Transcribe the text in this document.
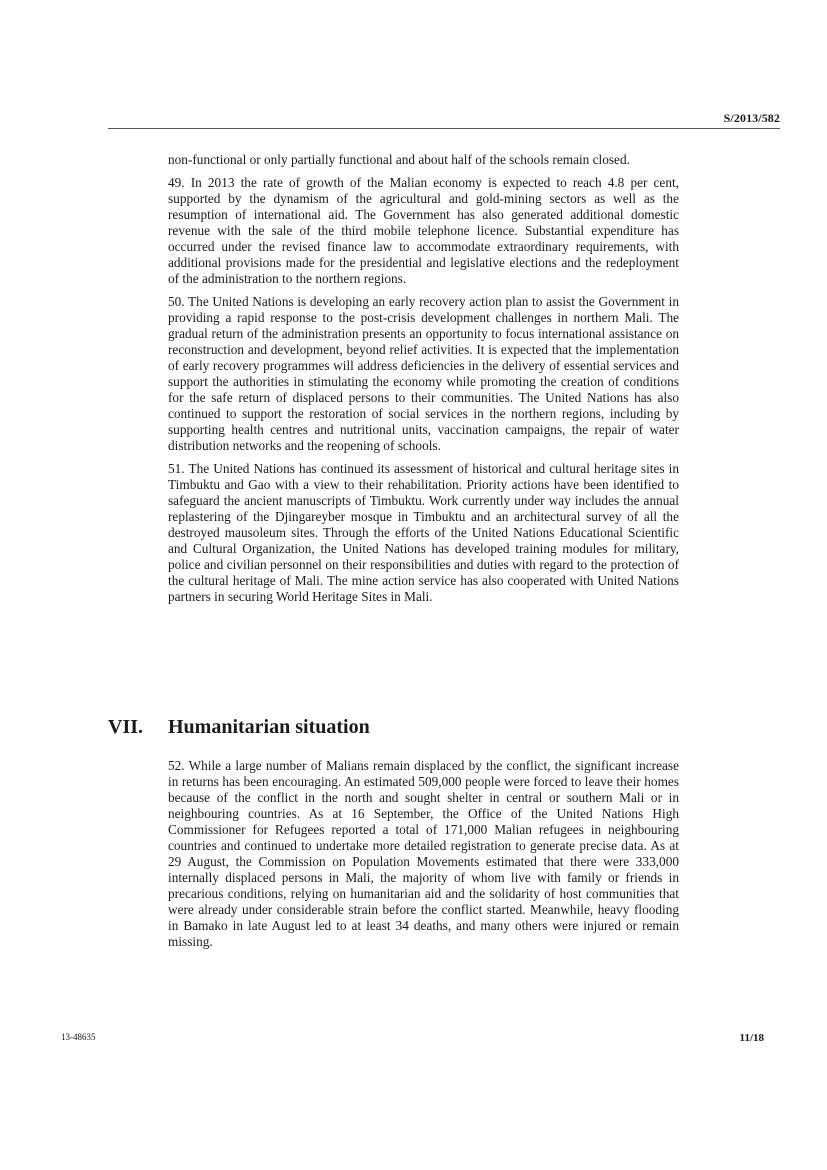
S/2013/582

non-functional or only partially functional and about half of the schools remain closed.

49. In 2013 the rate of growth of the Malian economy is expected to reach 4.8 per cent, supported by the dynamism of the agricultural and gold-mining sectors as well as the resumption of international aid. The Government has also generated additional domestic revenue with the sale of the third mobile telephone licence. Substantial expenditure has occurred under the revised finance law to accommodate extraordinary requirements, with additional provisions made for the presidential and legislative elections and the redeployment of the administration to the northern regions.

50. The United Nations is developing an early recovery action plan to assist the Government in providing a rapid response to the post-crisis development challenges in northern Mali. The gradual return of the administration presents an opportunity to focus international assistance on reconstruction and development, beyond relief activities. It is expected that the implementation of early recovery programmes will address deficiencies in the delivery of essential services and support the authorities in stimulating the economy while promoting the creation of conditions for the safe return of displaced persons to their communities. The United Nations has also continued to support the restoration of social services in the northern regions, including by supporting health centres and nutritional units, vaccination campaigns, the repair of water distribution networks and the reopening of schools.

51. The United Nations has continued its assessment of historical and cultural heritage sites in Timbuktu and Gao with a view to their rehabilitation. Priority actions have been identified to safeguard the ancient manuscripts of Timbuktu. Work currently under way includes the annual replastering of the Djingareyber mosque in Timbuktu and an architectural survey of all the destroyed mausoleum sites. Through the efforts of the United Nations Educational Scientific and Cultural Organization, the United Nations has developed training modules for military, police and civilian personnel on their responsibilities and duties with regard to the protection of the cultural heritage of Mali. The mine action service has also cooperated with United Nations partners in securing World Heritage Sites in Mali.

VII. Humanitarian situation

52. While a large number of Malians remain displaced by the conflict, the significant increase in returns has been encouraging. An estimated 509,000 people were forced to leave their homes because of the conflict in the north and sought shelter in central or southern Mali or in neighbouring countries. As at 16 September, the Office of the United Nations High Commissioner for Refugees reported a total of 171,000 Malian refugees in neighbouring countries and continued to undertake more detailed registration to generate precise data. As at 29 August, the Commission on Population Movements estimated that there were 333,000 internally displaced persons in Mali, the majority of whom live with family or friends in precarious conditions, relying on humanitarian aid and the solidarity of host communities that were already under considerable strain before the conflict started. Meanwhile, heavy flooding in Bamako in late August led to at least 34 deaths, and many others were injured or remain missing.

13-48635	11/18
